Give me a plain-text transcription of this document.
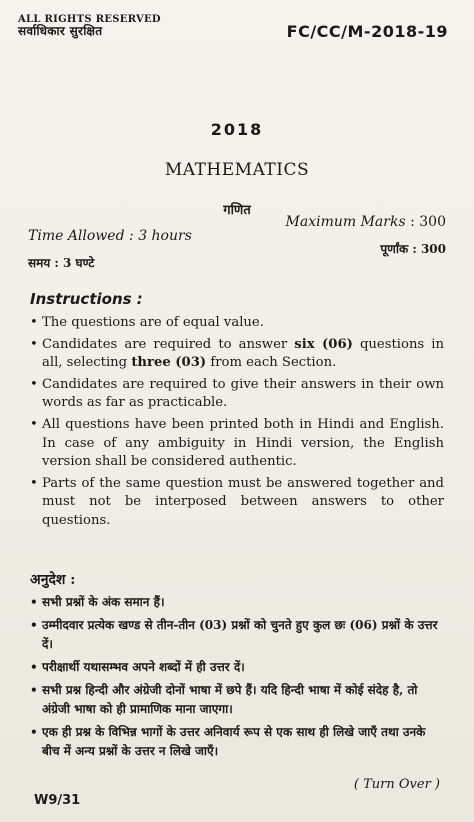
ALL RIGHTS RESERVED
सर्वाधिकार सुरक्षित	FC/CC/M-2018-19
2018
MATHEMATICS
गणित
Time Allowed : 3 hours
समय : 3 घण्टे
Maximum Marks : 300
पूर्णांक : 300
Instructions :
• The questions are of equal value.
• Candidates are required to answer six (06) questions in all, selecting three (03) from each Section.
• Candidates are required to give their answers in their own words as far as practicable.
• All questions have been printed both in Hindi and English. In case of any ambiguity in Hindi version, the English version shall be considered authentic.
• Parts of the same question must be answered together and must not be interposed between answers to other questions.
अनुदेश :
• सभी प्रश्नों के अंक समान हैं।
• उम्मीदवार प्रत्येक खण्ड से तीन-तीन (03) प्रश्नों को चुनते हुए कुल छः (06) प्रश्नों के उत्तर दें।
• परीक्षार्थी यथासम्भव अपने शब्दों में ही उत्तर दें।
• सभी प्रश्न हिन्दी और अंग्रेजी दोनों भाषा में छपे हैं। यदि हिन्दी भाषा में कोई संदेह है, तो अंग्रेजी भाषा को ही प्रामाणिक माना जाएगा।
• एक ही प्रश्न के विभिन्न भागों के उत्तर अनिवार्य रूप से एक साथ ही लिखे जाएँ तथा उनके बीच में अन्य प्रश्नों के उत्तर न लिखे जाएँ।
( Turn Over )
W9/31
